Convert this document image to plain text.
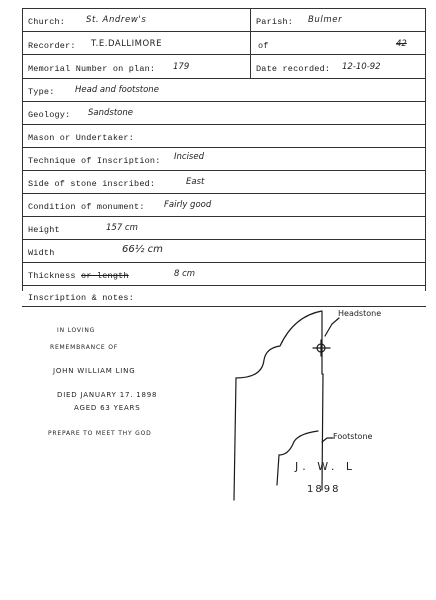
Church: St. Andrew's	Parish: Bulmer
Recorder: T.E.DALLIMORE	of	42
Memorial Number on plan: 179	Date recorded: 12-10-92
Type: Head and footstone
Geology: Sandstone
Mason or Undertaker:
Technique of Inscription: Incised
Side of stone inscribed:	East
Condition of monument: Fairly good
Height	157 cm
Width	66½ cm
Thickness or length	8 cm
Inscription & notes:
IN LOVING
REMEMBRANCE OF
JOHN WILLIAM LING
DIED JANUARY 17. 1898
AGED 63 YEARS
PREPARE TO MEET THY GOD
Headstone
Footstone
J. W. L
1898
